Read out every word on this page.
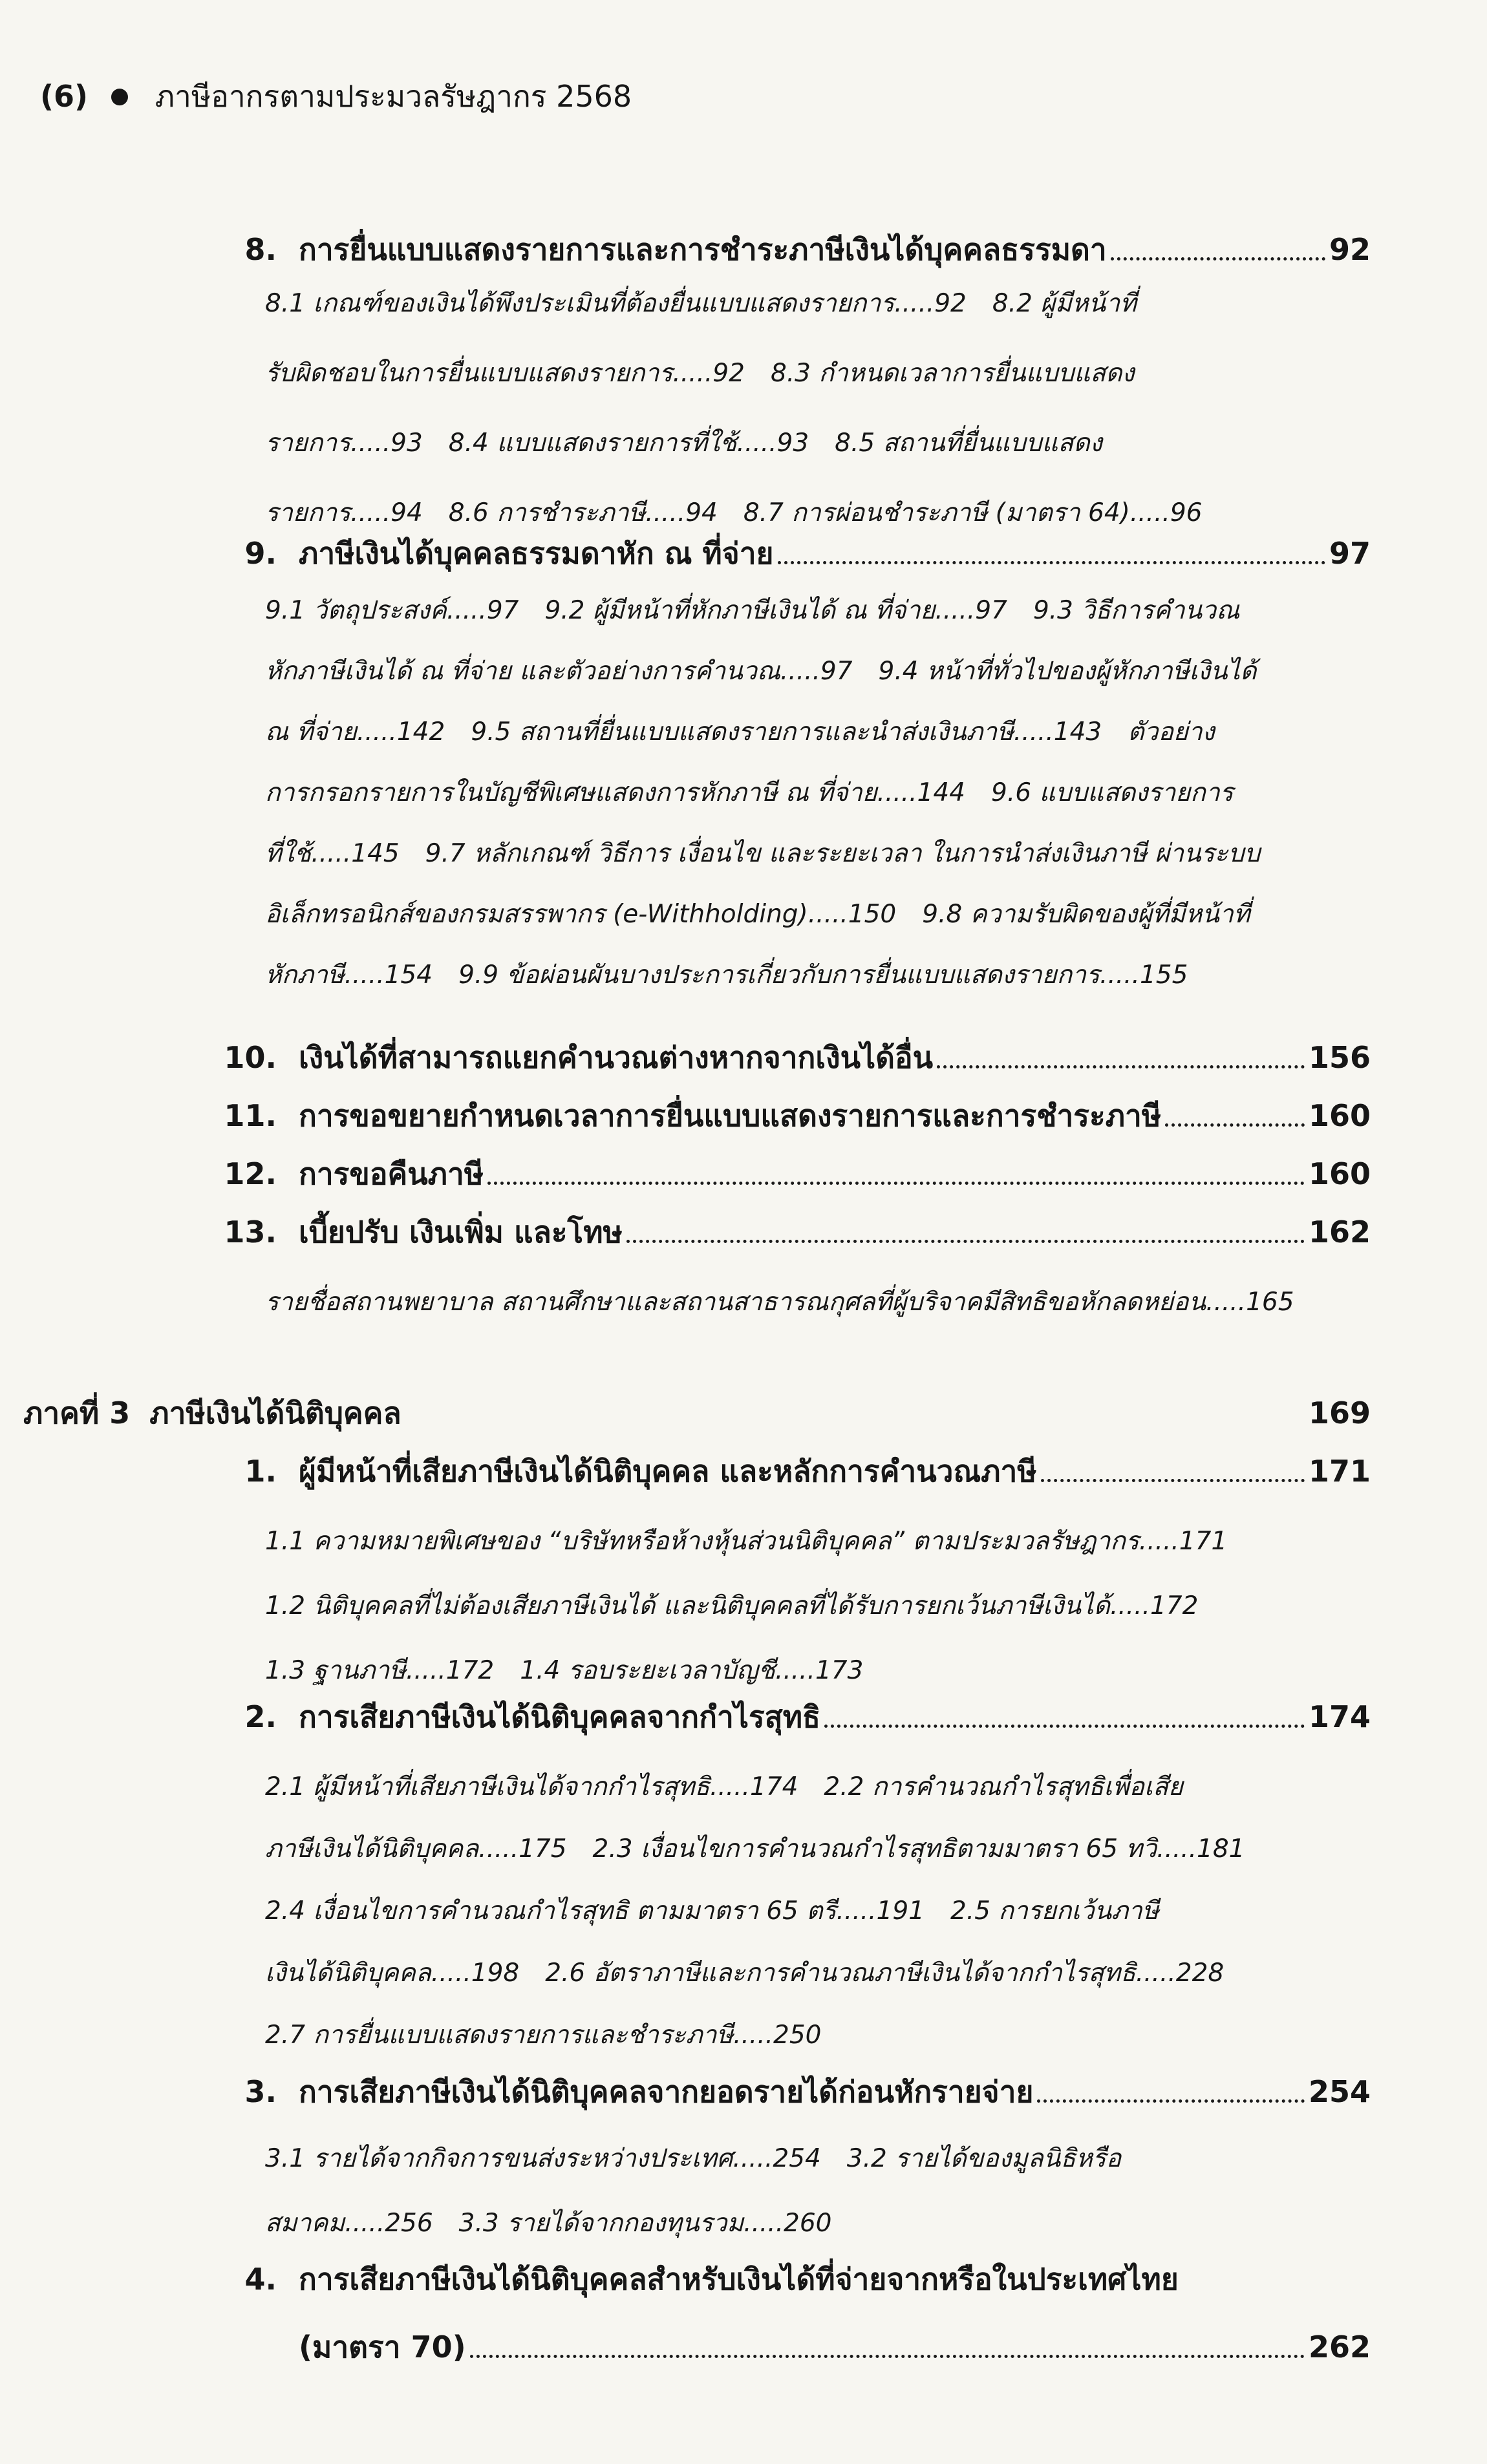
(6) ● ภาษีอากรตามประมวลรัษฎากร 2568
8. การยื่นแบบแสดงรายการและการชำระภาษีเงินได้บุคคลธรรมดา	92
8.1 เกณฑ์ของเงินได้พึงประเมินที่ต้องยื่นแบบแสดงรายการ.....92 8.2 ผู้มีหน้าที่
รับผิดชอบในการยื่นแบบแสดงรายการ.....92 8.3 กำหนดเวลาการยื่นแบบแสดง
รายการ.....93 8.4 แบบแสดงรายการที่ใช้.....93 8.5 สถานที่ยื่นแบบแสดง
รายการ.....94 8.6 การชำระภาษี.....94 8.7 การผ่อนชำระภาษี (มาตรา 64).....96
9. ภาษีเงินได้บุคคลธรรมดาหัก ณ ที่จ่าย	97
9.1 วัตถุประสงค์.....97 9.2 ผู้มีหน้าที่หักภาษีเงินได้ ณ ที่จ่าย.....97 9.3 วิธีการคำนวณ
หักภาษีเงินได้ ณ ที่จ่าย และตัวอย่างการคำนวณ.....97 9.4 หน้าที่ทั่วไปของผู้หักภาษีเงินได้
ณ ที่จ่าย.....142 9.5 สถานที่ยื่นแบบแสดงรายการและนำส่งเงินภาษี.....143 ตัวอย่าง
การกรอกรายการในบัญชีพิเศษแสดงการหักภาษี ณ ที่จ่าย.....144 9.6 แบบแสดงรายการ
ที่ใช้.....145 9.7 หลักเกณฑ์ วิธีการ เงื่อนไข และระยะเวลา ในการนำส่งเงินภาษี ผ่านระบบ
อิเล็กทรอนิกส์ของกรมสรรพากร (e-Withholding).....150 9.8 ความรับผิดของผู้ที่มีหน้าที่
หักภาษี.....154 9.9 ข้อผ่อนผันบางประการเกี่ยวกับการยื่นแบบแสดงรายการ.....155
10. เงินได้ที่สามารถแยกคำนวณต่างหากจากเงินได้อื่น	156
11. การขอขยายกำหนดเวลาการยื่นแบบแสดงรายการและการชำระภาษี	160
12. การขอคืนภาษี	160
13. เบี้ยปรับ เงินเพิ่ม และโทษ	162
รายชื่อสถานพยาบาล สถานศึกษาและสถานสาธารณกุศลที่ผู้บริจาคมีสิทธิขอหักลดหย่อน.....165
ภาคที่ 3 ภาษีเงินได้นิติบุคคล	169
1. ผู้มีหน้าที่เสียภาษีเงินได้นิติบุคคล และหลักการคำนวณภาษี	171
1.1 ความหมายพิเศษของ “บริษัทหรือห้างหุ้นส่วนนิติบุคคล” ตามประมวลรัษฎากร.....171
1.2 นิติบุคคลที่ไม่ต้องเสียภาษีเงินได้ และนิติบุคคลที่ได้รับการยกเว้นภาษีเงินได้.....172
1.3 ฐานภาษี.....172 1.4 รอบระยะเวลาบัญชี.....173
2. การเสียภาษีเงินได้นิติบุคคลจากกำไรสุทธิ	174
2.1 ผู้มีหน้าที่เสียภาษีเงินได้จากกำไรสุทธิ.....174 2.2 การคำนวณกำไรสุทธิเพื่อเสีย
ภาษีเงินได้นิติบุคคล.....175 2.3 เงื่อนไขการคำนวณกำไรสุทธิตามมาตรา 65 ทวิ.....181
2.4 เงื่อนไขการคำนวณกำไรสุทธิ ตามมาตรา 65 ตรี.....191 2.5 การยกเว้นภาษี
เงินได้นิติบุคคล.....198 2.6 อัตราภาษีและการคำนวณภาษีเงินได้จากกำไรสุทธิ.....228
2.7 การยื่นแบบแสดงรายการและชำระภาษี.....250
3. การเสียภาษีเงินได้นิติบุคคลจากยอดรายได้ก่อนหักรายจ่าย	254
3.1 รายได้จากกิจการขนส่งระหว่างประเทศ.....254 3.2 รายได้ของมูลนิธิหรือ
สมาคม.....256 3.3 รายได้จากกองทุนรวม.....260
4. การเสียภาษีเงินได้นิติบุคคลสำหรับเงินได้ที่จ่ายจากหรือในประเทศไทย
(มาตรา 70)	262
